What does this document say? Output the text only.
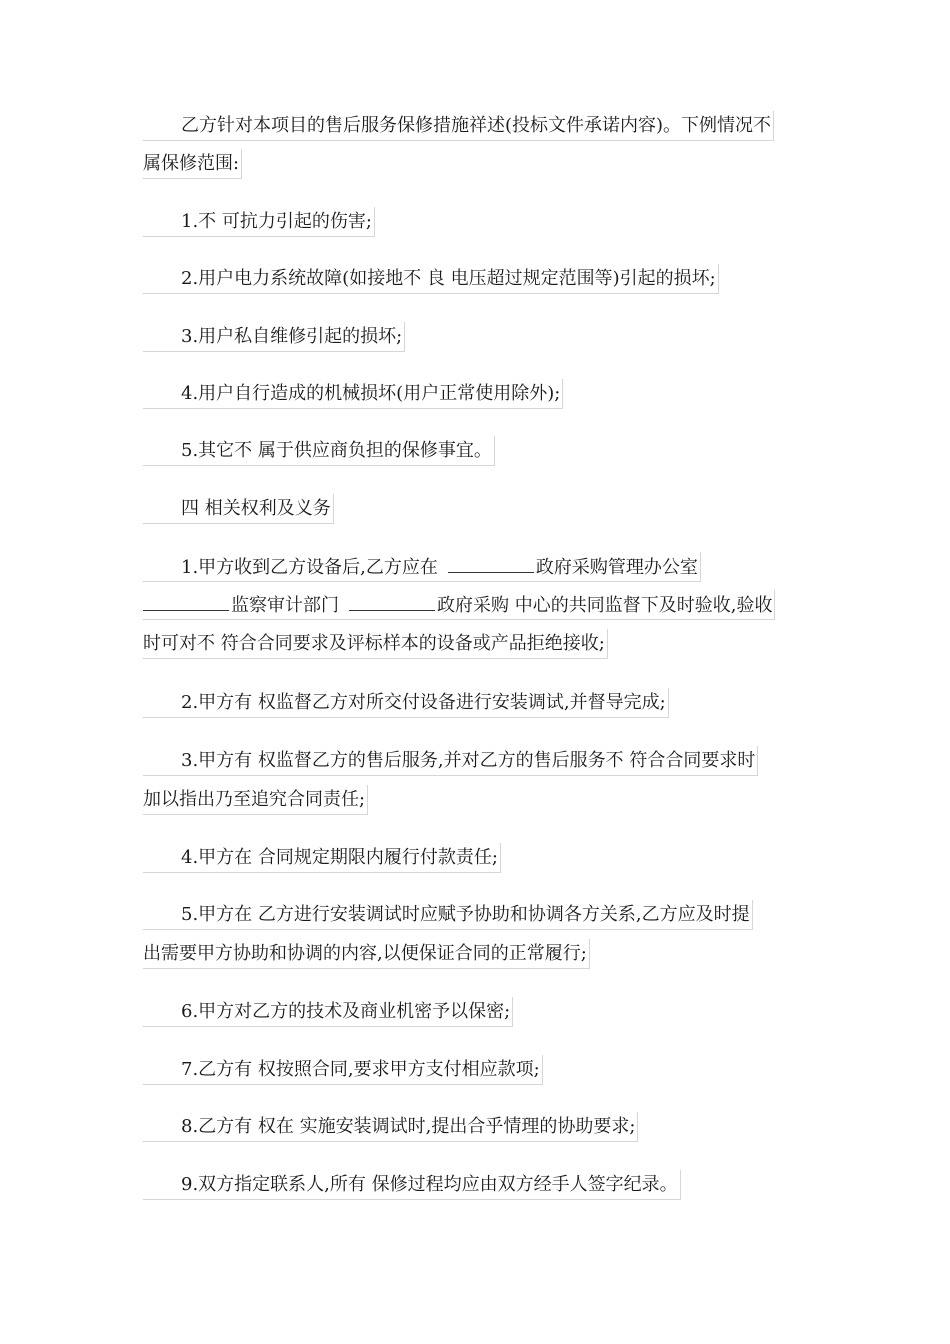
乙方针对本项目的售后服务保修措施祥述(投标文件承诺内容)。下例情况不
属保修范围:
1.不 可抗力引起的伤害;
2.用户电力系统故障(如接地不 良 电压超过规定范围等)引起的损坏;
3.用户私自维修引起的损坏;
4.用户自行造成的机械损坏(用户正常使用除外);
5.其它不 属于供应商负担的保修事宜。
四 相关权利及义务
1.甲方收到乙方设备后,乙方应在	政府采购管理办公室
监察审计部门	政府采购 中心的共同监督下及时验收,验收
时可对不 符合合同要求及评标样本的设备或产品拒绝接收;
2.甲方有 权监督乙方对所交付设备进行安装调试,并督导完成;
3.甲方有 权监督乙方的售后服务,并对乙方的售后服务不 符合合同要求时
加以指出乃至追究合同责任;
4.甲方在 合同规定期限内履行付款责任;
5.甲方在 乙方进行安装调试时应赋予协助和协调各方关系,乙方应及时提
出需要甲方协助和协调的内容,以便保证合同的正常履行;
6.甲方对乙方的技术及商业机密予以保密;
7.乙方有 权按照合同,要求甲方支付相应款项;
8.乙方有 权在 实施安装调试时,提出合乎情理的协助要求;
9.双方指定联系人,所有 保修过程均应由双方经手人签字纪录。
